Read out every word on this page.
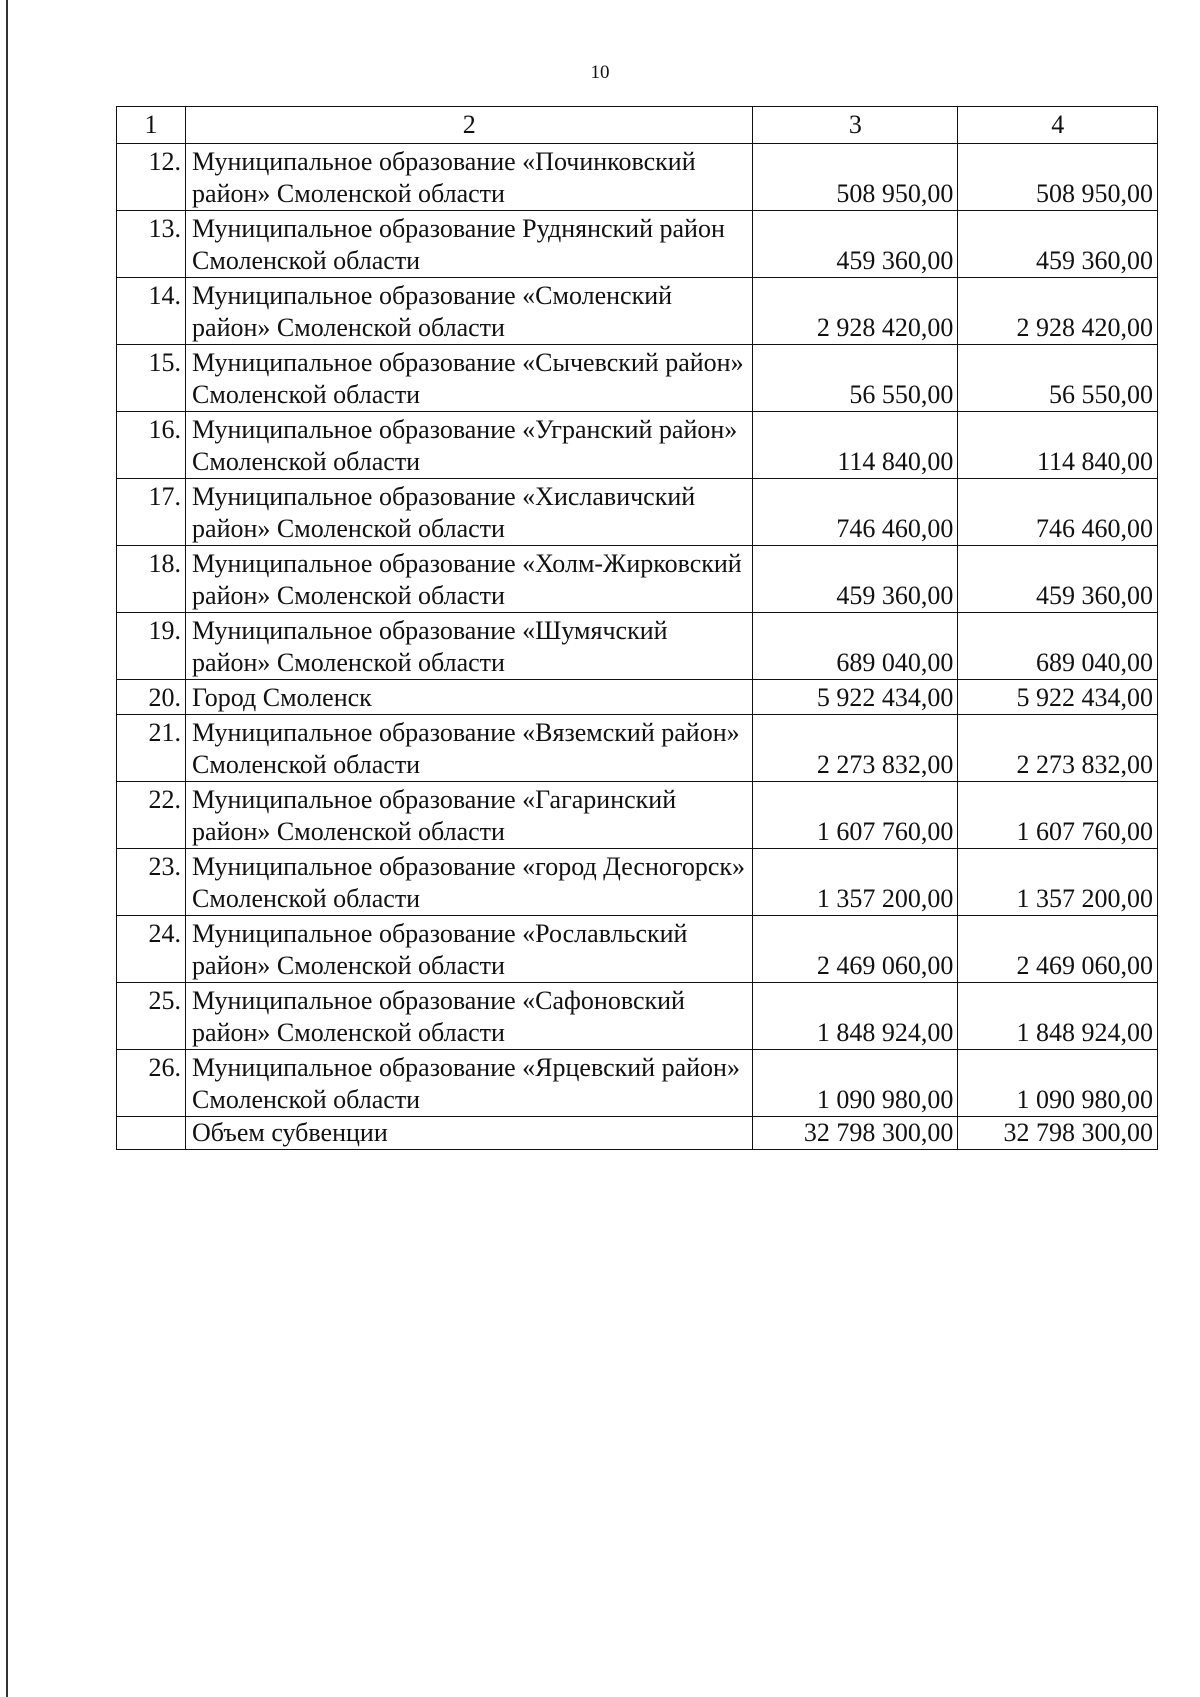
10
1	2	3	4
12.	Муниципальное образование «Починковский район» Смоленской области	508 950,00	508 950,00
13.	Муниципальное образование Руднянский район Смоленской области	459 360,00	459 360,00
14.	Муниципальное образование «Смоленский район» Смоленской области	2 928 420,00	2 928 420,00
15.	Муниципальное образование «Сычевский район» Смоленской области	56 550,00	56 550,00
16.	Муниципальное образование «Угранский район» Смоленской области	114 840,00	114 840,00
17.	Муниципальное образование «Хиславичский район» Смоленской области	746 460,00	746 460,00
18.	Муниципальное образование «Холм-Жирковский район» Смоленской области	459 360,00	459 360,00
19.	Муниципальное образование «Шумячский район» Смоленской области	689 040,00	689 040,00
20.	Город Смоленск	5 922 434,00	5 922 434,00
21.	Муниципальное образование «Вяземский район» Смоленской области	2 273 832,00	2 273 832,00
22.	Муниципальное образование «Гагаринский район» Смоленской области	1 607 760,00	1 607 760,00
23.	Муниципальное образование «город Десногорск» Смоленской области	1 357 200,00	1 357 200,00
24.	Муниципальное образование «Рославльский район» Смоленской области	2 469 060,00	2 469 060,00
25.	Муниципальное образование «Сафоновский район» Смоленской области	1 848 924,00	1 848 924,00
26.	Муниципальное образование «Ярцевский район» Смоленской области	1 090 980,00	1 090 980,00
	Объем субвенции	32 798 300,00	32 798 300,00
